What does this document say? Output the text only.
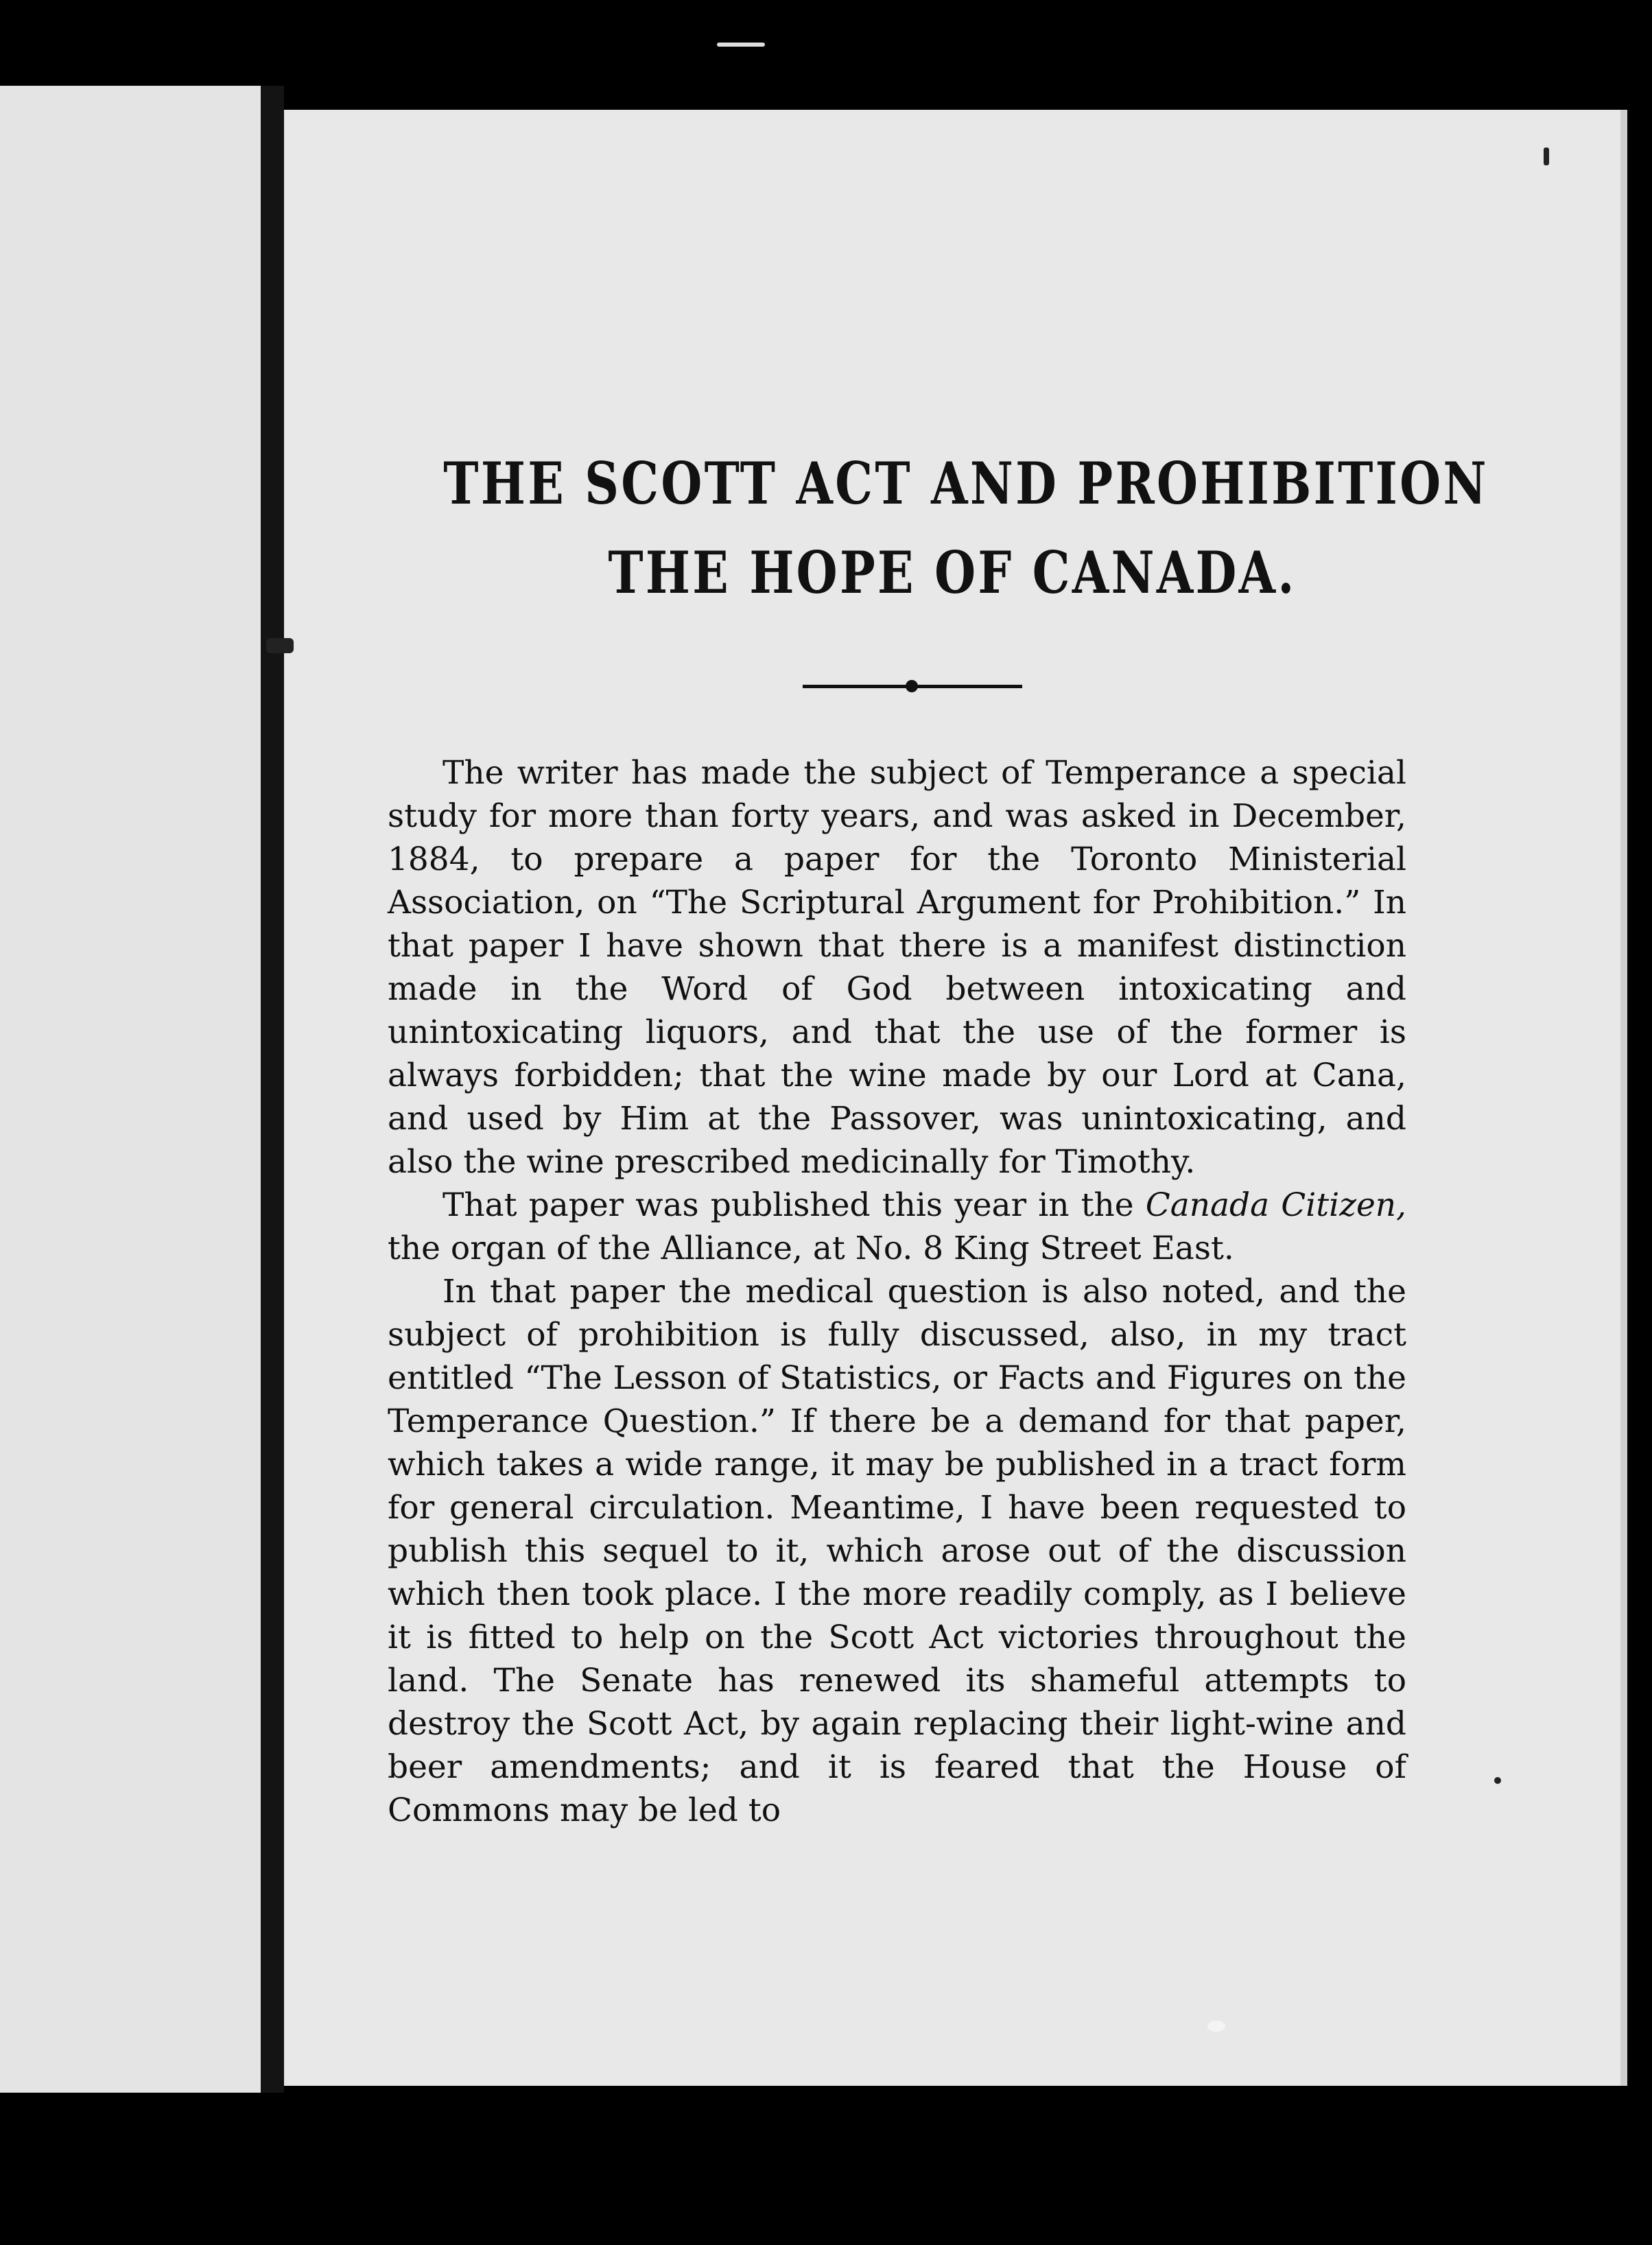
THE SCOTT ACT AND PROHIBITION
THE HOPE OF CANADA.

The writer has made the subject of Temperance a special study for more than forty years, and was asked in December, 1884, to prepare a paper for the Toronto Ministerial Association, on “The Scriptural Argument for Prohibition.” In that paper I have shown that there is a manifest distinction made in the Word of God between intoxicating and unintoxicating liquors, and that the use of the former is always forbidden; that the wine made by our Lord at Cana, and used by Him at the Passover, was unintoxicating, and also the wine prescribed medicinally for Timothy.

That paper was published this year in the Canada Citizen, the organ of the Alliance, at No. 8 King Street East.

In that paper the medical question is also noted, and the subject of prohibition is fully discussed, also, in my tract entitled “The Lesson of Statistics, or Facts and Figures on the Temperance Question.” If there be a demand for that paper, which takes a wide range, it may be published in a tract form for general circulation. Meantime, I have been requested to publish this sequel to it, which arose out of the discussion which then took place. I the more readily comply, as I believe it is fitted to help on the Scott Act victories throughout the land. The Senate has renewed its shameful attempts to destroy the Scott Act, by again replacing their light-wine and beer amendments; and it is feared that the House of Commons may be led to
